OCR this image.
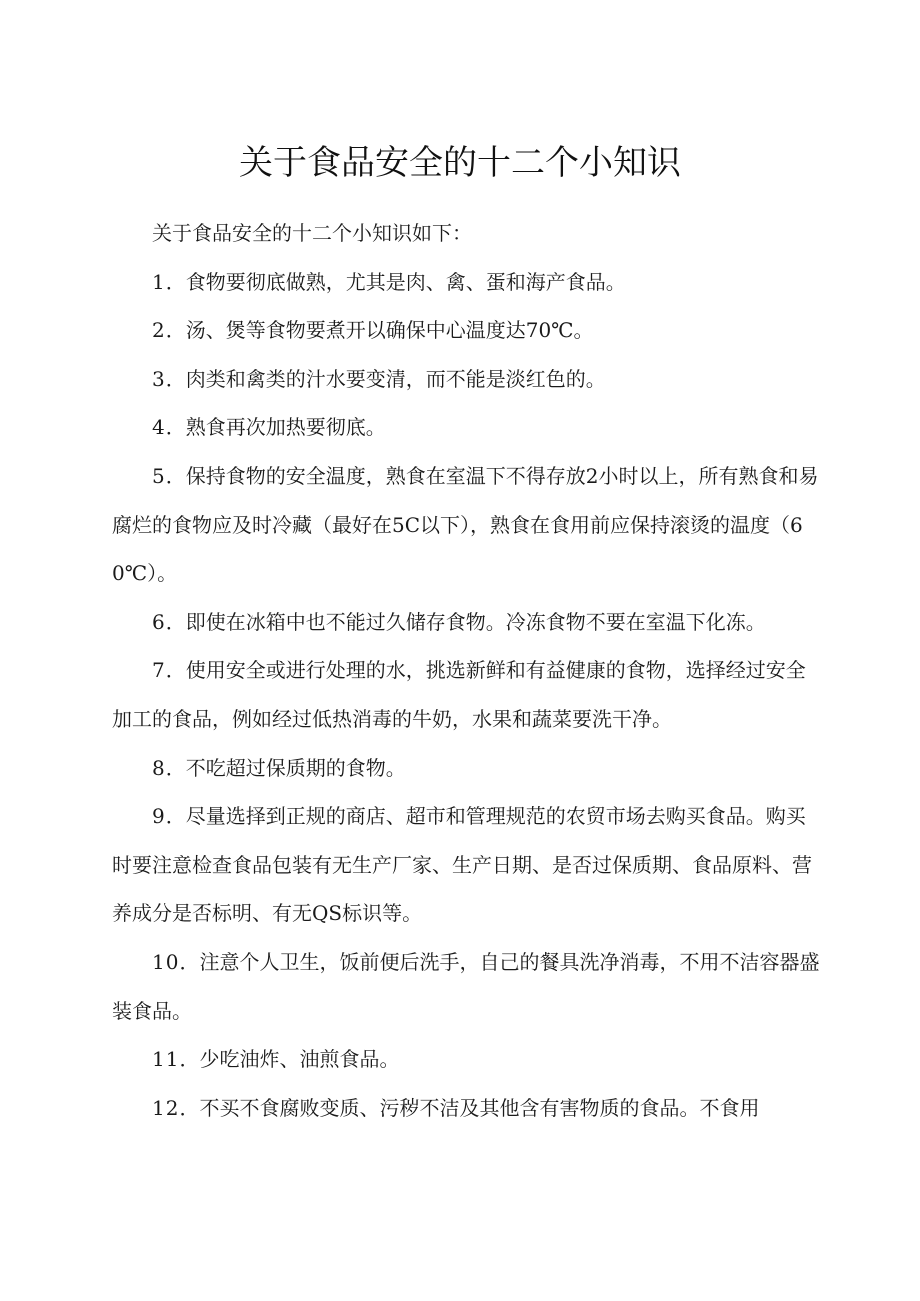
关于食品安全的十二个小知识

关于食品安全的十二个小知识如下：

1．食物要彻底做熟，尤其是肉、禽、蛋和海产食品。

2．汤、煲等食物要煮开以确保中心温度达70℃。

3．肉类和禽类的汁水要变清，而不能是淡红色的。

4．熟食再次加热要彻底。

5．保持食物的安全温度，熟食在室温下不得存放2小时以上，所有熟食和易腐烂的食物应及时冷藏（最好在5C以下），熟食在食用前应保持滚烫的温度（60℃）。

6．即使在冰箱中也不能过久储存食物。冷冻食物不要在室温下化冻。

7．使用安全或进行处理的水，挑选新鲜和有益健康的食物，选择经过安全加工的食品，例如经过低热消毒的牛奶，水果和蔬菜要洗干净。

8．不吃超过保质期的食物。

9．尽量选择到正规的商店、超市和管理规范的农贸市场去购买食品。购买时要注意检查食品包装有无生产厂家、生产日期、是否过保质期、食品原料、营养成分是否标明、有无QS标识等。

10．注意个人卫生，饭前便后洗手，自己的餐具洗净消毒，不用不洁容器盛装食品。

11．少吃油炸、油煎食品。

12．不买不食腐败变质、污秽不洁及其他含有害物质的食品。不食用
